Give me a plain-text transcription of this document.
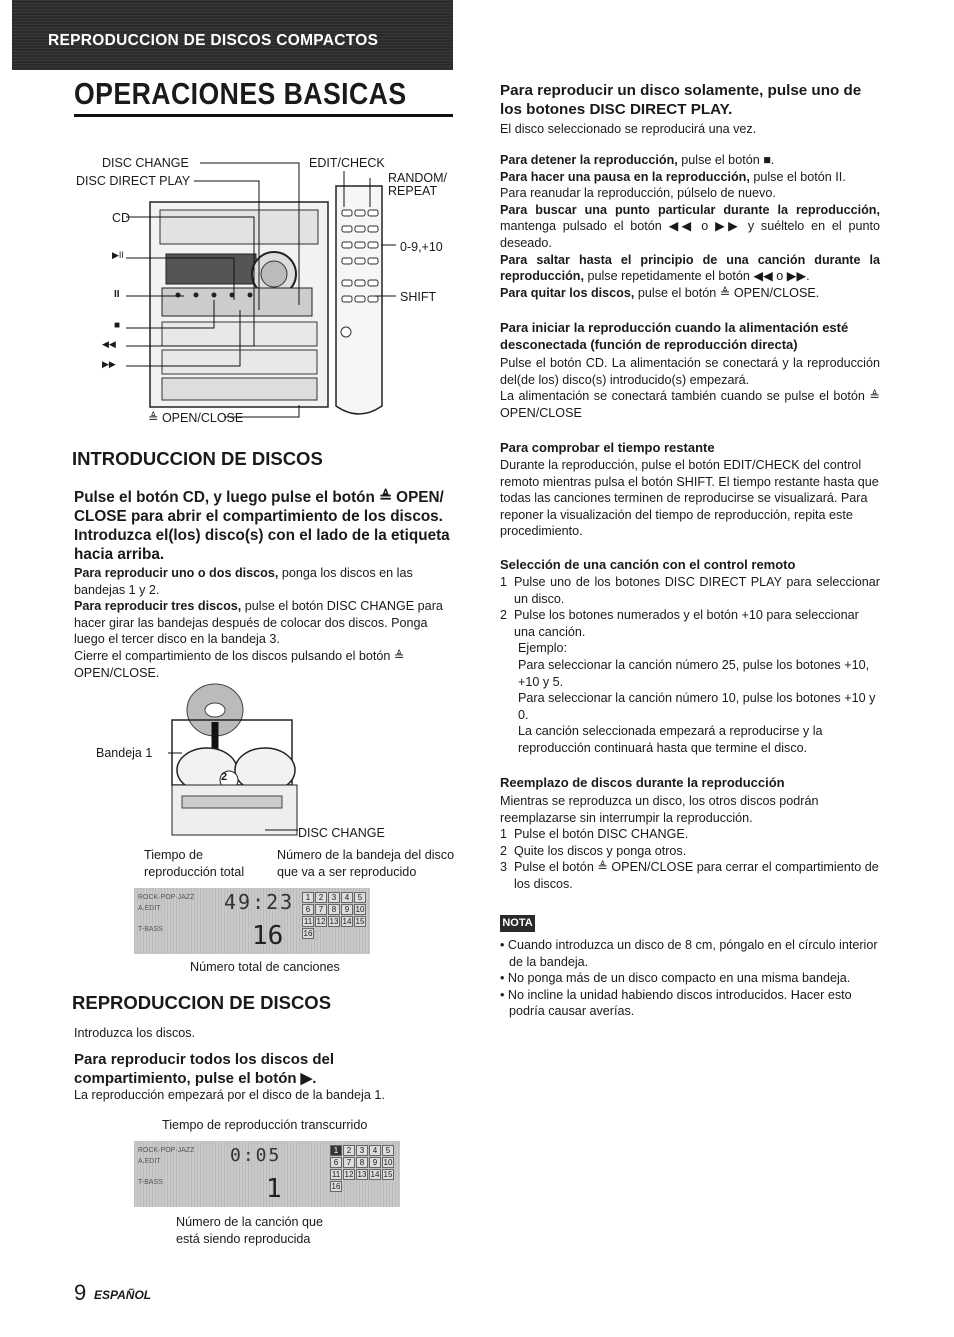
REPRODUCCION DE DISCOS COMPACTOS
OPERACIONES BASICAS
DISC CHANGE
DISC DIRECT PLAY
CD
▶II
II
■
◀◀
▶▶
≜ OPEN/CLOSE
EDIT/CHECK
RANDOM/
REPEAT
0-9,+10
SHIFT
INTRODUCCION DE DISCOS
Pulse el botón CD, y luego pulse el botón ≜ OPEN/ CLOSE para abrir el compartimiento de los discos. Introduzca el(los) disco(s) con el lado de la etiqueta hacia arriba.
Para reproducir uno o dos discos, ponga los discos en las bandejas 1 y 2.
Para reproducir tres discos, pulse el botón DISC CHANGE para hacer girar las bandejas después de colocar dos discos. Ponga luego el tercer disco en la bandeja 3.
Cierre el compartimiento de los discos pulsando el botón ≜ OPEN/CLOSE.
2
Bandeja 1
DISC CHANGE
Tiempo de
reproducción total
Número de la bandeja del disco
que va a ser reproducido
ROCK·POP·JAZZ
A.EDIT
T-BASS
49:23
16
1	2	3	4	5
6	7	8	9 10
11 12 13 14 15
16
Número total de canciones
REPRODUCCION DE DISCOS
Introduzca los discos.
Para reproducir todos los discos del compartimiento, pulse el botón ▶.
La reproducción empezará por el disco de la bandeja 1.
Tiempo de reproducción transcurrido
ROCK·POP·JAZZ
A.EDIT
T-BASS
0:05
1
1	2	3	4	5
6	7	8	9 10
11 12 13 14 15
16
Número de la canción que
está siendo reproducida
Para reproducir un disco solamente, pulse uno de los botones DISC DIRECT PLAY.
El disco seleccionado se reproducirá una vez.
Para detener la reproducción, pulse el botón ■.
Para hacer una pausa en la reproducción, pulse el botón II.
Para reanudar la reproducción, púlselo de nuevo.
Para buscar una punto particular durante la reproducción, mantenga pulsado el botón ◀◀ o ▶▶ y suéltelo en el punto deseado.
Para saltar hasta el principio de una canción durante la reproducción, pulse repetidamente el botón ◀◀ o ▶▶.
Para quitar los discos, pulse el botón ≜ OPEN/CLOSE.
Para iniciar la reproducción cuando la alimentación esté desconectada (función de reproducción directa)
Pulse el botón CD. La alimentación se conectará y la reproducción del(de los) disco(s) introducido(s) empezará.
La alimentación se conectará también cuando se pulse el botón ≜ OPEN/CLOSE
Para comprobar el tiempo restante
Durante la reproducción, pulse el botón EDIT/CHECK del control remoto mientras pulsa el botón SHIFT. El tiempo restante hasta que todas las canciones terminen de reproducirse se visualizará. Para reponer la visualización del tiempo de reproducción, repita este procedimiento.
Selección de una canción con el control remoto
1 Pulse uno de los botones DISC DIRECT PLAY para seleccionar un disco.
2 Pulse los botones numerados y el botón +10 para seleccionar una canción.
Ejemplo:
Para seleccionar la canción número 25, pulse los botones +10, +10 y 5.
Para seleccionar la canción número 10, pulse los botones +10 y 0.
La canción seleccionada empezará a reproducirse y la reproducción continuará hasta que termine el disco.
Reemplazo de discos durante la reproducción
Mientras se reproduzca un disco, los otros discos podrán reemplazarse sin interrumpir la reproducción.
1 Pulse el botón DISC CHANGE.
2 Quite los discos y ponga otros.
3 Pulse el botón ≜ OPEN/CLOSE para cerrar el compartimiento de los discos.
NOTA
• Cuando introduzca un disco de 8 cm, póngalo en el círculo interior de la bandeja.
• No ponga más de un disco compacto en una misma bandeja.
• No incline la unidad habiendo discos introducidos. Hacer esto podría causar averías.
9 ESPAÑOL
